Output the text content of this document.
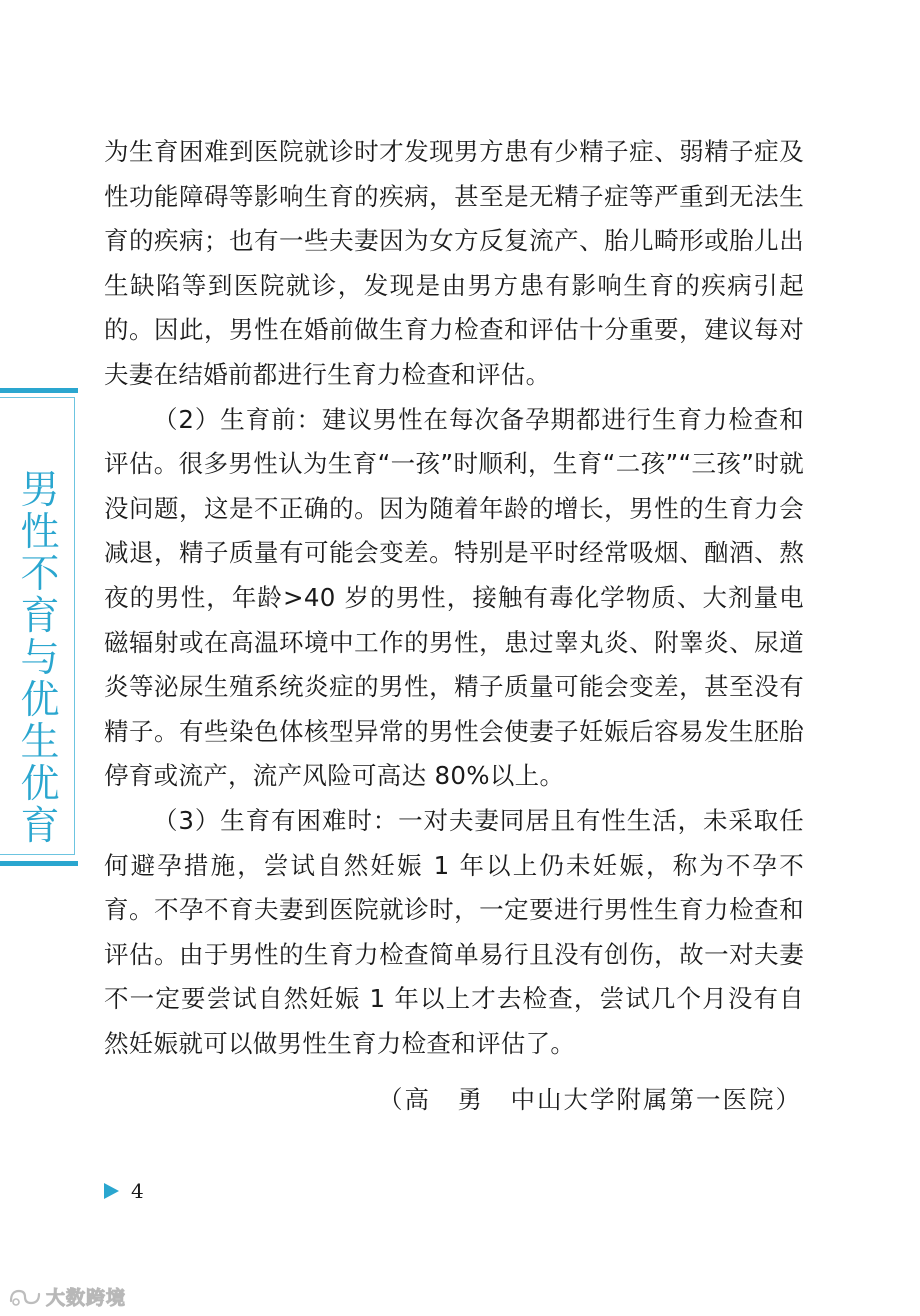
男性不育与优生优育

为生育困难到医院就诊时才发现男方患有少精子症、弱精子症及性功能障碍等影响生育的疾病，甚至是无精子症等严重到无法生育的疾病；也有一些夫妻因为女方反复流产、胎儿畸形或胎儿出生缺陷等到医院就诊，发现是由男方患有影响生育的疾病引起的。因此，男性在婚前做生育力检查和评估十分重要，建议每对夫妻在结婚前都进行生育力检查和评估。

（2）生育前：建议男性在每次备孕期都进行生育力检查和评估。很多男性认为生育“一孩”时顺利，生育“二孩”“三孩”时就没问题，这是不正确的。因为随着年龄的增长，男性的生育力会减退，精子质量有可能会变差。特别是平时经常吸烟、酗酒、熬夜的男性，年龄>40 岁的男性，接触有毒化学物质、大剂量电磁辐射或在高温环境中工作的男性，患过睾丸炎、附睾炎、尿道炎等泌尿生殖系统炎症的男性，精子质量可能会变差，甚至没有精子。有些染色体核型异常的男性会使妻子妊娠后容易发生胚胎停育或流产，流产风险可高达 80%以上。

（3）生育有困难时：一对夫妻同居且有性生活，未采取任何避孕措施，尝试自然妊娠 1 年以上仍未妊娠，称为不孕不育。不孕不育夫妻到医院就诊时，一定要进行男性生育力检查和评估。由于男性的生育力检查简单易行且没有创伤，故一对夫妻不一定要尝试自然妊娠 1 年以上才去检查，尝试几个月没有自然妊娠就可以做男性生育力检查和评估了。

（高　勇　中山大学附属第一医院）
4
大数跨境
